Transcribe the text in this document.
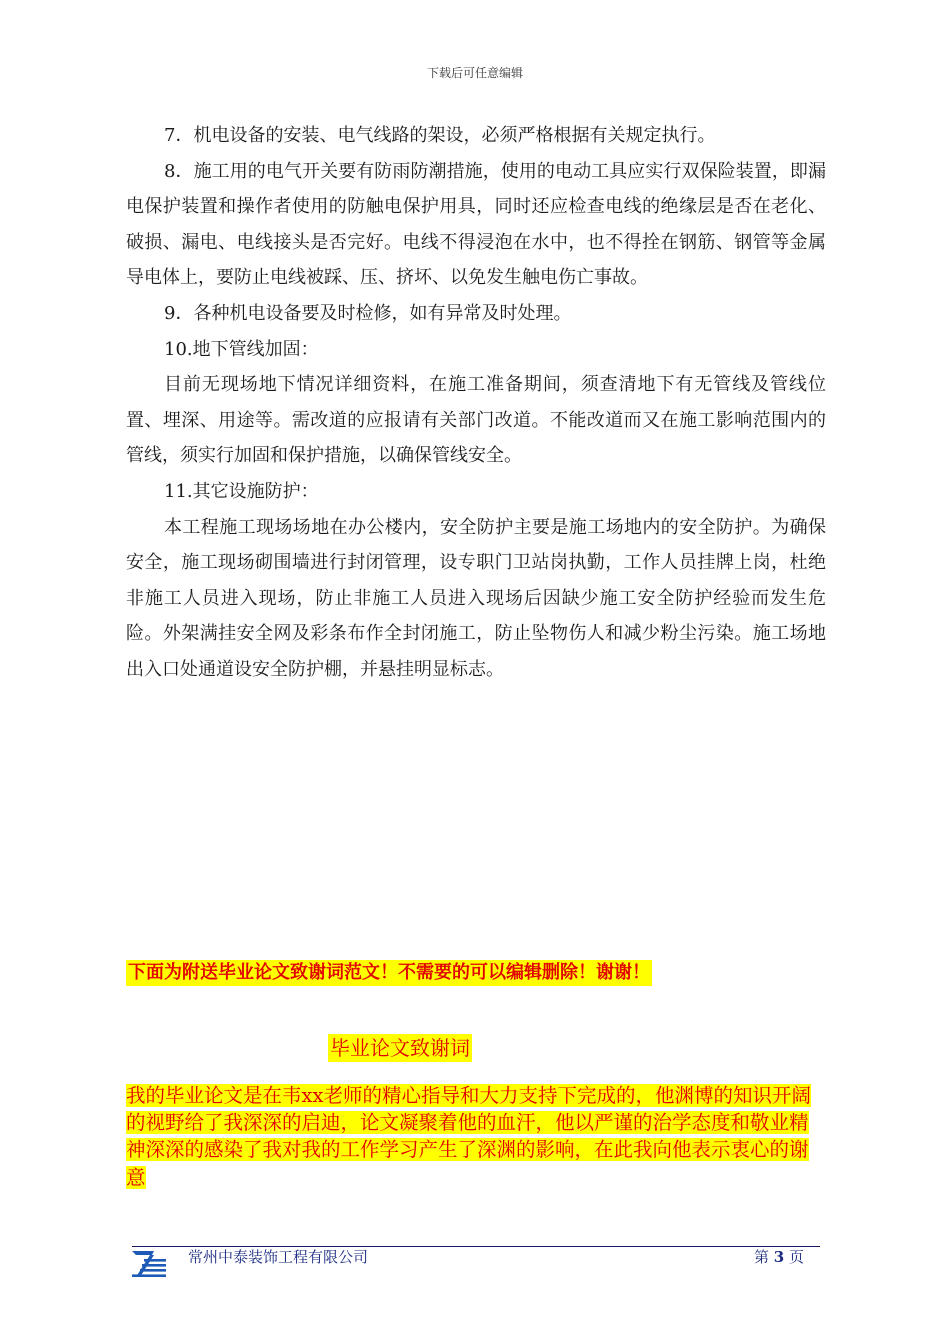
下载后可任意编辑

7．机电设备的安装、电气线路的架设，必须严格根据有关规定执行。

8．施工用的电气开关要有防雨防潮措施，使用的电动工具应实行双保险装置，即漏电保护装置和操作者使用的防触电保护用具，同时还应检查电线的绝缘层是否在老化、破损、漏电、电线接头是否完好。电线不得浸泡在水中，也不得拴在钢筋、钢管等金属导电体上，要防止电线被踩、压、挤坏、以免发生触电伤亡事故。

9．各种机电设备要及时检修，如有异常及时处理。

10.地下管线加固：

目前无现场地下情况详细资料，在施工准备期间，须查清地下有无管线及管线位置、埋深、用途等。需改道的应报请有关部门改道。不能改道而又在施工影响范围内的管线，须实行加固和保护措施，以确保管线安全。

11.其它设施防护：

本工程施工现场场地在办公楼内，安全防护主要是施工场地内的安全防护。为确保安全，施工现场砌围墙进行封闭管理，设专职门卫站岗执勤，工作人员挂牌上岗，杜绝非施工人员进入现场，防止非施工人员进入现场后因缺少施工安全防护经验而发生危险。外架满挂安全网及彩条布作全封闭施工，防止坠物伤人和减少粉尘污染。施工场地出入口处通道设安全防护棚，并悬挂明显标志。

下面为附送毕业论文致谢词范文！不需要的可以编辑删除！谢谢！
毕业论文致谢词
我的毕业论文是在韦xx老师的精心指导和大力支持下完成的，他渊博的知识开阔的视野给了我深深的启迪，论文凝聚着他的血汗，他以严谨的治学态度和敬业精神深深的感染了我对我的工作学习产生了深渊的影响，在此我向他表示衷心的谢意
常州中泰装饰工程有限公司	第 3 页
